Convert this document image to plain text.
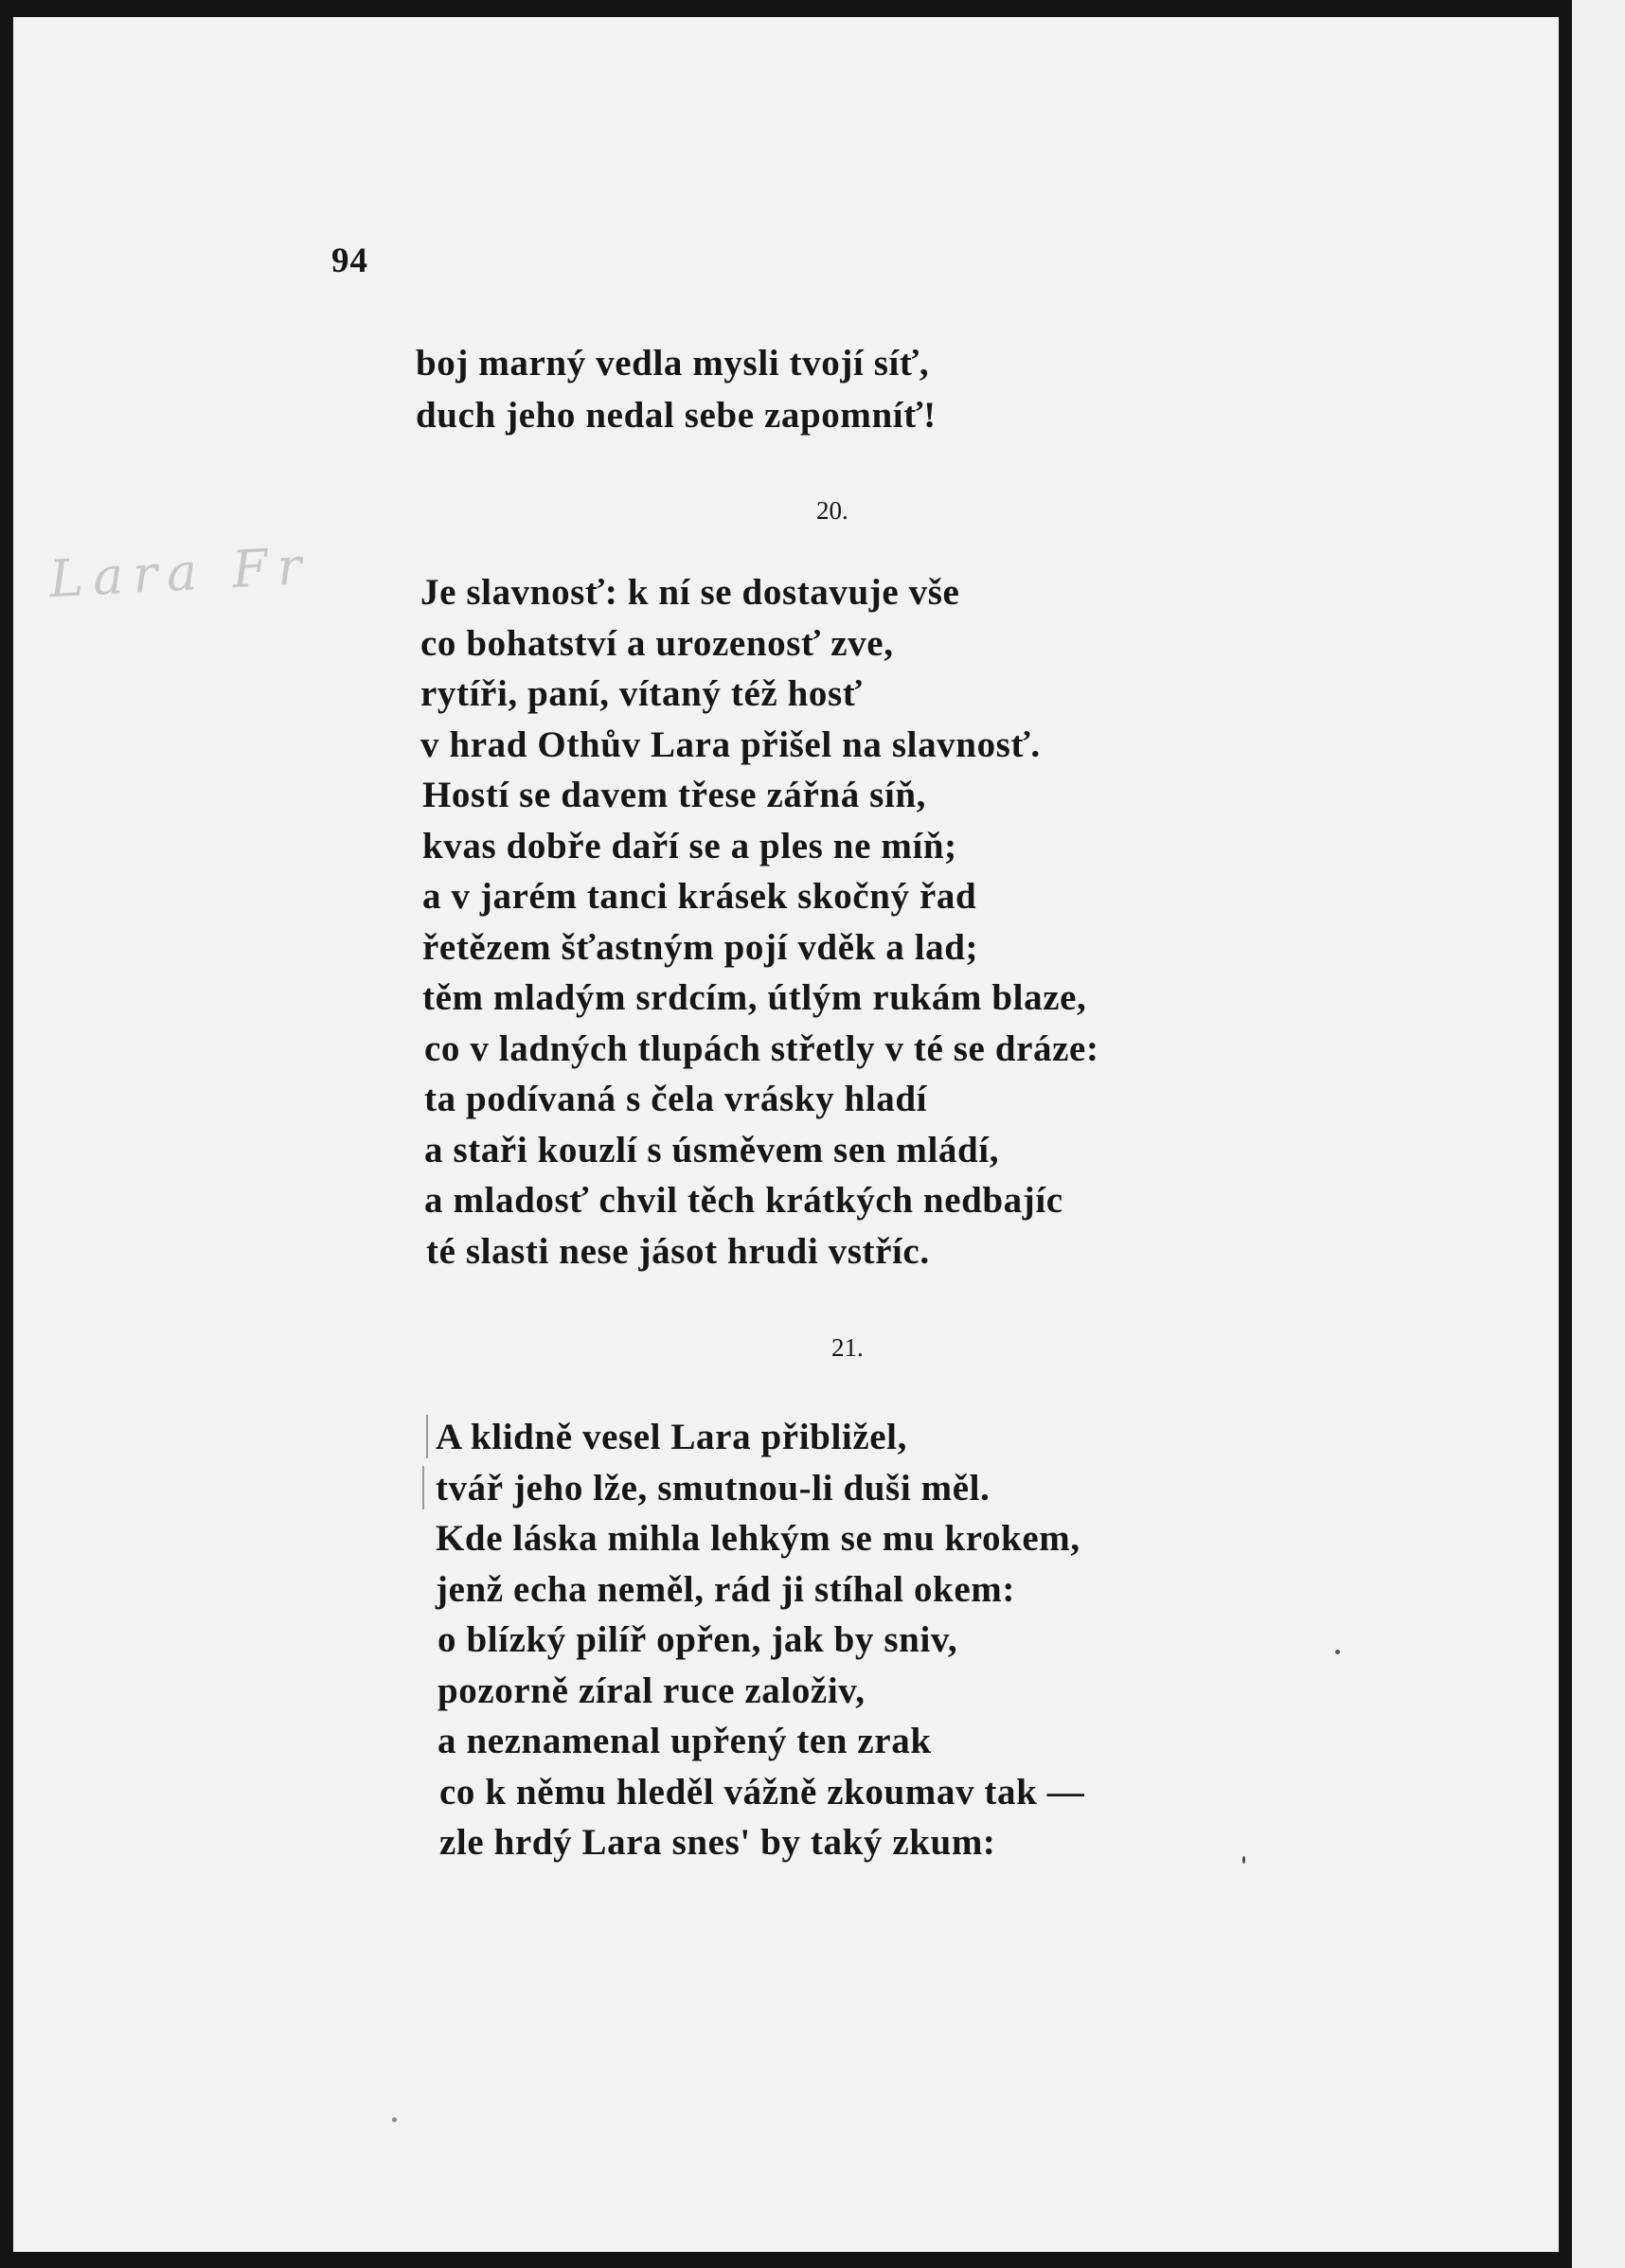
Lara Fr
94
boj marný vedla mysli tvojí síť,
duch jeho nedal sebe zapomníť!
20.
Je slavnosť: k ní se dostavuje vše
co bohatství a urozenosť zve,
rytíři, paní, vítaný též hosť
v hrad Othův Lara přišel na slavnosť.
Hostí se davem třese zářná síň,
kvas dobře daří se a ples ne míň;
a v jarém tanci krásek skočný řad
řetězem šťastným pojí vděk a lad;
těm mladým srdcím, útlým rukám blaze,
co v ladných tlupách střetly v té se dráze:
ta podívaná s čela vrásky hladí
a staři kouzlí s úsměvem sen mládí,
a mladosť chvil těch krátkých nedbajíc
té slasti nese jásot hrudi vstříc.
21.
A klidně vesel Lara přibližel,
tvář jeho lže, smutnou-li duši měl.
Kde láska mihla lehkým se mu krokem,
jenž echa neměl, rád ji stíhal okem:
o blízký pilíř opřen, jak by sniv,
pozorně zíral ruce založiv,
a neznamenal upřený ten zrak
co k němu hleděl vážně zkoumav tak —
zle hrdý Lara snes' by taký zkum:
